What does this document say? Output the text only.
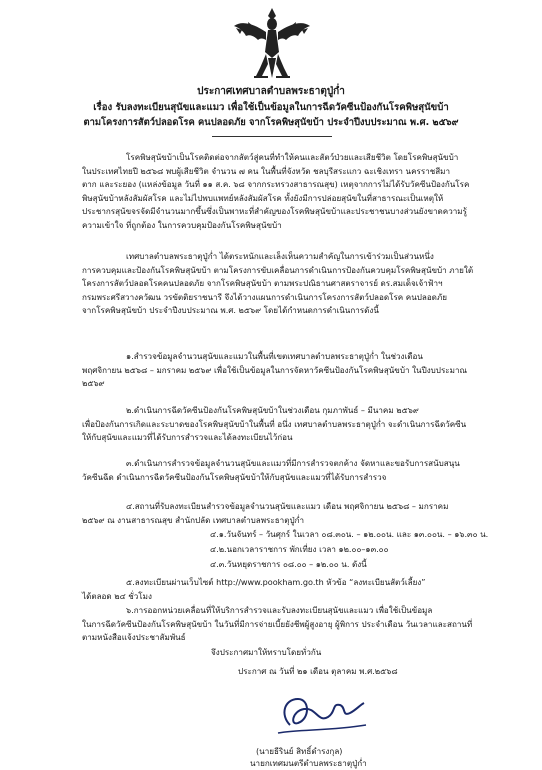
ประกาศเทศบาลตำบลพระธาตุปู่ก่ำ
เรื่อง รับลงทะเบียนสุนัขและแมว เพื่อใช้เป็นข้อมูลในการฉีดวัคซีนป้องกันโรคพิษสุนัขบ้า
ตามโครงการสัตว์ปลอดโรค คนปลอดภัย จากโรคพิษสุนัขบ้า ประจำปีงบประมาณ พ.ศ. ๒๕๖๙
โรคพิษสุนัขบ้าเป็นโรคติดต่อจากสัตว์สู่คนที่ทำให้คนและสัตว์ป่วยและเสียชีวิต โดยโรคพิษสุนัขบ้า
ในประเทศไทยปี ๒๕๖๘ พบผู้เสียชีวิต จำนวน ๗ คน ในพื้นที่จังหวัด ชลบุรีสระแกว ฉะเชิงเทรา นครราชสีมา
ตาก และระยอง (แหล่งข้อมูล วันที่ ๑๑ ส.ค. ๖๘ จากกระทรวงสาธารณสุข) เหตุจากการไม่ได้รับวัคซีนป้องกันโรค
พิษสุนัขบ้าหลังสัมผัสโรค และไม่ไปพบแพทย์หลังสัมผัสโรค ทั้งยังมีการปล่อยสุนัขในที่สาธารณะเป็นเหตุให้
ประชากรสุนัขจรจัดมีจำนวนมากขึ้นซึ่งเป็นพาหะที่สำคัญของโรคพิษสุนัขบ้าและประชาชนบางส่วนยังขาดความรู้
ความเข้าใจ ที่ถูกต้อง ในการควบคุมป้องกันโรคพิษสุนัขบ้า
เทศบาลตำบลพระธาตุปู่ก่ำ ได้ตระหนักและเล็งเห็นความสำคัญในการเข้าร่วมเป็นส่วนหนึ่ง
การควบคุมและป้องกันโรคพิษสุนัขบ้า ตามโครงการขับเคลื่อนการดำเนินการป้องกันควบคุมโรคพิษสุนัขบ้า ภายใต้
โครงการสัตว์ปลอดโรคคนปลอดภัย จากโรคพิษสุนัขบ้า ตามพระปณิธานศาสตราจารย์ ดร.สมเด็จเจ้าฟ้าฯ
กรมพระศรีสวางควัฒน วรขัตติยราชนารี จึงได้วางแผนการดำเนินการโครงการสัตว์ปลอดโรค คนปลอดภัย
จากโรคพิษสุนัขบ้า ประจำปีงบประมาณ พ.ศ. ๒๕๖๙ โดยได้กำหนดการดำเนินการดังนี้
๑.สำรวจข้อมูลจำนวนสุนัขและแมวในพื้นที่เขตเทศบาลตำบลพระธาตุปู่ก่ำ ในช่วงเดือน
พฤศจิกายน ๒๕๖๘ – มกราคม ๒๕๖๙ เพื่อใช้เป็นข้อมูลในการจัดหาวัคซีนป้องกันโรคพิษสุนัขบ้า ในปีงบประมาณ
๒๕๖๙
๒.ดำเนินการฉีดวัคซีนป้องกันโรคพิษสุนัขบ้าในช่วงเดือน กุมภาพันธ์ – มีนาคม ๒๕๖๙
เพื่อป้องกันการเกิดและระบาดของโรคพิษสุนัขบ้าในพื้นที่ อนึ่ง เทศบาลตำบลพระธาตุปู่ก่ำ จะดำเนินการฉีดวัคซีน
ให้กับสุนัขและแมวที่ได้รับการสำรวจและได้ลงทะเบียนไว้ก่อน
๓.ดำเนินการสำรวจข้อมูลจำนวนสุนัขและแมวที่มีการสำรวจตกค้าง จัดหาและขอรับการสนับสนุน
วัคซีนฉีด ดำเนินการฉีดวัคซีนป้องกันโรคพิษสุนัขบ้าให้กับสุนัขและแมวที่ได้รับการสำรวจ
๔.สถานที่รับลงทะเบียนสำรวจข้อมูลจำนวนสุนัขและแมว เดือน พฤศจิกายน ๒๕๖๘ – มกราคม
๒๕๖๙ ณ งานสาธารณสุข สำนักปลัด เทศบาลตำบลพระธาตุปู่ก่ำ
๔.๑.วันจันทร์ – วันศุกร์ ในเวลา ๐๘.๓๐น. – ๑๒.๐๐น. และ ๑๓.๐๐น. – ๑๖.๓๐ น.
๔.๒.นอกเวลาราชการ พักเที่ยง เวลา ๑๒.๐๐–๑๓.๐๐
๔.๓.วันหยุดราชการ ๐๘.๐๐ – ๑๒.๐๐ น. ดังนี้
๕.ลงทะเบียนผ่านเว็บไซต์ http://www.pookham.go.th หัวข้อ “ลงทะเบียนสัตว์เลี้ยง”
ได้ตลอด ๒๔ ชั่วโมง
๖.การออกหน่วยเคลื่อนที่ให้บริการสำรวจและรับลงทะเบียนสุนัขและแมว เพื่อใช้เป็นข้อมูล
ในการฉีดวัคซีนป้องกันโรคพิษสุนัขบ้า ในวันที่มีการจ่ายเบี้ยยังชีพผู้สูงอายุ ผู้พิการ ประจำเดือน วันเวลาและสถานที่
ตามหนังสือแจ้งประชาสัมพันธ์
จึงประกาศมาให้ทราบโดยทั่วกัน
ประกาศ ณ วันที่ ๒๑ เดือน ตุลาคม พ.ศ.๒๕๖๘
(นายธีรินย์ สิทธิ์ดำรงกุล)
นายกเทศมนตรีตำบลพระธาตุปู่ก่ำ
